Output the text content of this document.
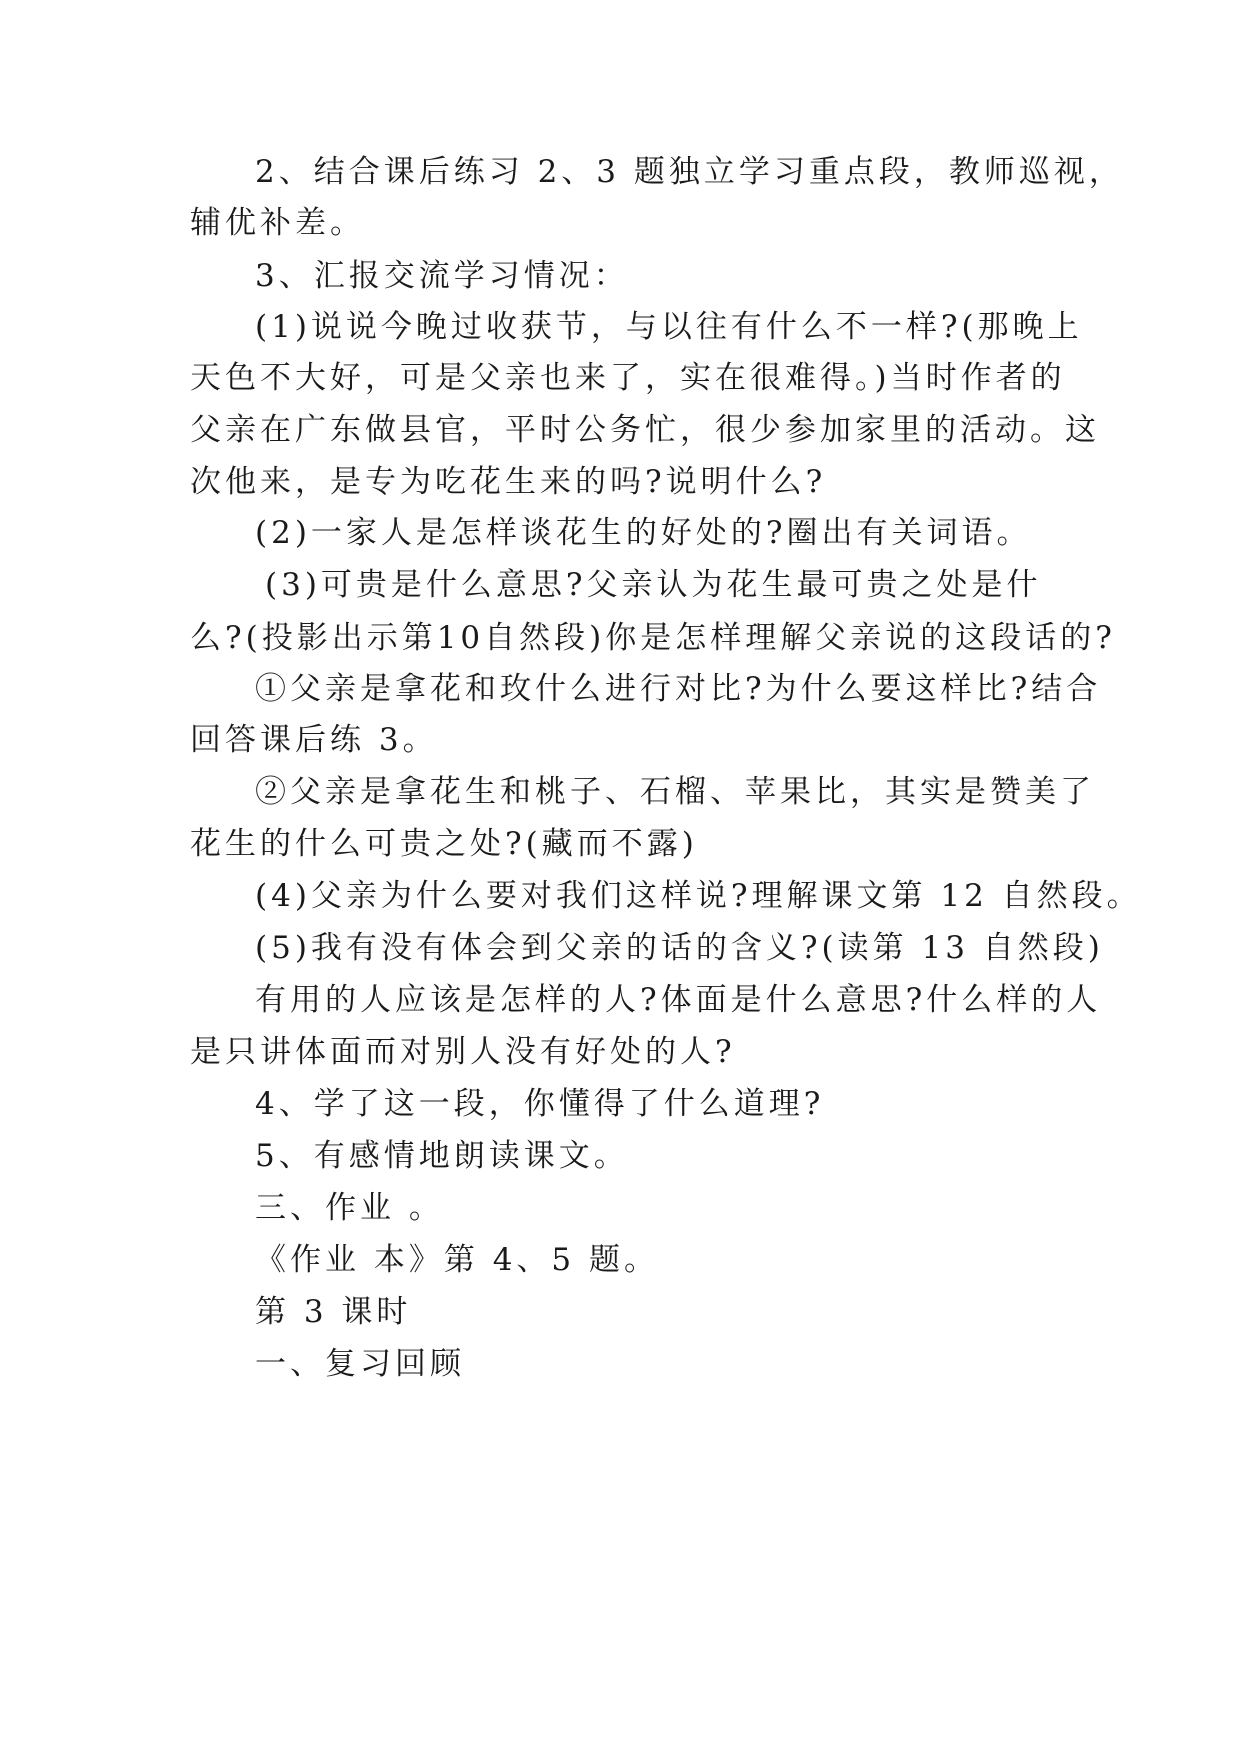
2、结合课后练习 2、3 题独立学习重点段，教师巡视，
辅优补差。
3、汇报交流学习情况：
(1)说说今晚过收获节，与以往有什么不一样?(那晚上
天色不大好，可是父亲也来了，实在很难得。)当时作者的
父亲在广东做县官，平时公务忙，很少参加家里的活动。这
次他来，是专为吃花生来的吗?说明什么?
(2)一家人是怎样谈花生的好处的?圈出有关词语。
(3)可贵是什么意思?父亲认为花生最可贵之处是什
么?(投影出示第10自然段)你是怎样理解父亲说的这段话的?
①父亲是拿花和玫什么进行对比?为什么要这样比?结合
回答课后练 3。
②父亲是拿花生和桃子、石榴、苹果比，其实是赞美了
花生的什么可贵之处?(藏而不露)
(4)父亲为什么要对我们这样说?理解课文第 12 自然段。
(5)我有没有体会到父亲的话的含义?(读第 13 自然段)
有用的人应该是怎样的人?体面是什么意思?什么样的人
是只讲体面而对别人没有好处的人?
4、学了这一段，你懂得了什么道理?
5、有感情地朗读课文。
三、作业 。
《作业 本》第 4、5 题。
第 3 课时
一、复习回顾
